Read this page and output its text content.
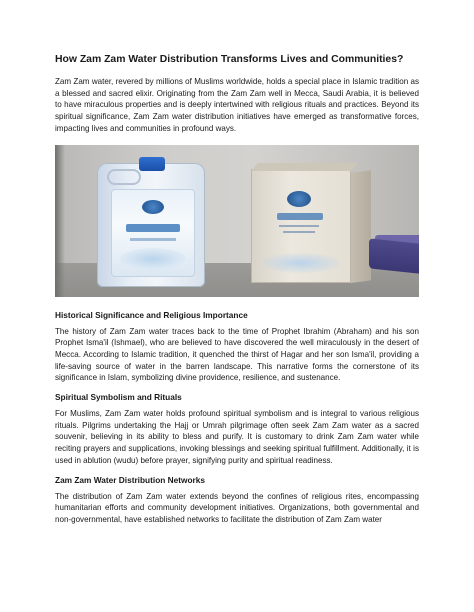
How Zam Zam Water Distribution Transforms Lives and Communities?

Zam Zam water, revered by millions of Muslims worldwide, holds a special place in Islamic tradition as a blessed and sacred elixir. Originating from the Zam Zam well in Mecca, Saudi Arabia, it is believed to have miraculous properties and is deeply intertwined with religious rituals and practices. Beyond its spiritual significance, Zam Zam water distribution initiatives have emerged as transformative forces, impacting lives and communities in profound ways.

Historical Significance and Religious Importance

The history of Zam Zam water traces back to the time of Prophet Ibrahim (Abraham) and his son Prophet Isma'il (Ishmael), who are believed to have discovered the well miraculously in the desert of Mecca. According to Islamic tradition, it quenched the thirst of Hagar and her son Isma'il, providing a life-saving source of water in the barren landscape. This narrative forms the cornerstone of its significance in Islam, symbolizing divine providence, resilience, and sustenance.

Spiritual Symbolism and Rituals

For Muslims, Zam Zam water holds profound spiritual symbolism and is integral to various religious rituals. Pilgrims undertaking the Hajj or Umrah pilgrimage often seek Zam Zam water as a sacred souvenir, believing in its ability to bless and purify. It is customary to drink Zam Zam water while reciting prayers and supplications, invoking blessings and seeking spiritual fulfillment. Additionally, it is used in ablution (wudu) before prayer, signifying purity and spiritual readiness.

Zam Zam Water Distribution Networks

The distribution of Zam Zam water extends beyond the confines of religious rites, encompassing humanitarian efforts and community development initiatives. Organizations, both governmental and non-governmental, have established networks to facilitate the distribution of Zam Zam water
